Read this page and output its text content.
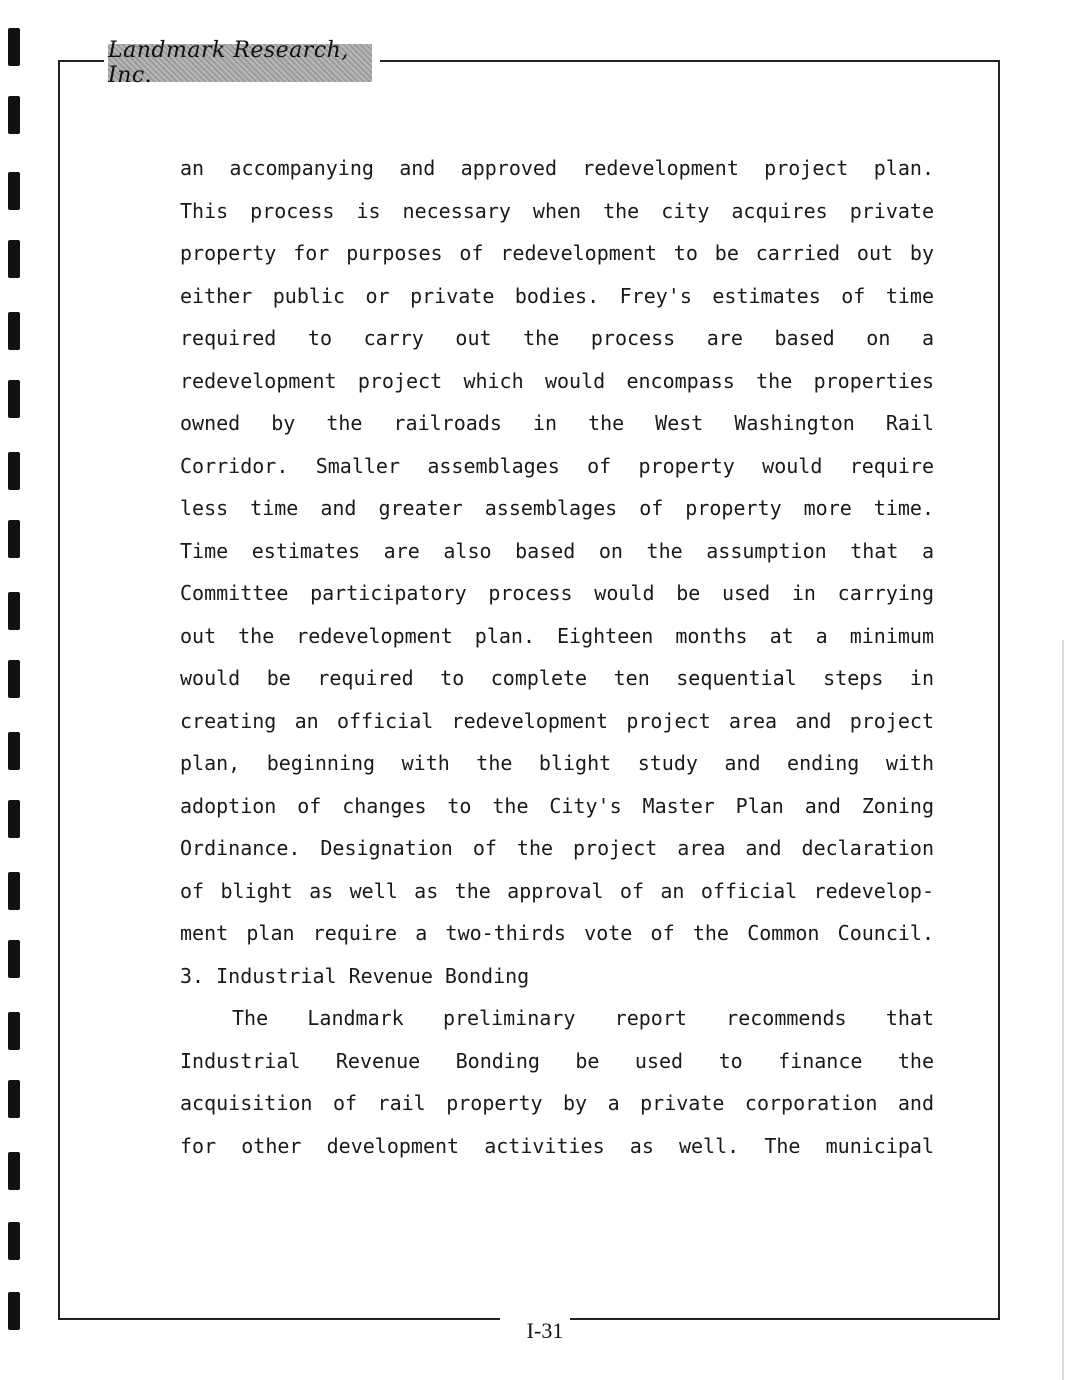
Landmark Research, Inc.
an accompanying and approved redevelopment project plan.
This process is necessary when the city acquires private
property for purposes of redevelopment to be carried out by
either public or private bodies. Frey's estimates of time
required to carry out the process are based on a
redevelopment project which would encompass the properties
owned by the railroads in the West Washington Rail
Corridor. Smaller assemblages of property would require
less time and greater assemblages of property more time.
Time estimates are also based on the assumption that a
Committee participatory process would be used in carrying
out the redevelopment plan. Eighteen months at a minimum
would be required to complete ten sequential steps in
creating an official redevelopment project area and project
plan, beginning with the blight study and ending with
adoption of changes to the City's Master Plan and Zoning
Ordinance. Designation of the project area and declaration
of blight as well as the approval of an official redevelop-
ment plan require a two-thirds vote of the Common Council.
3. Industrial Revenue Bonding
The Landmark preliminary report recommends that
Industrial Revenue Bonding be used to finance the
acquisition of rail property by a private corporation and
for other development activities as well. The municipal
I-31
